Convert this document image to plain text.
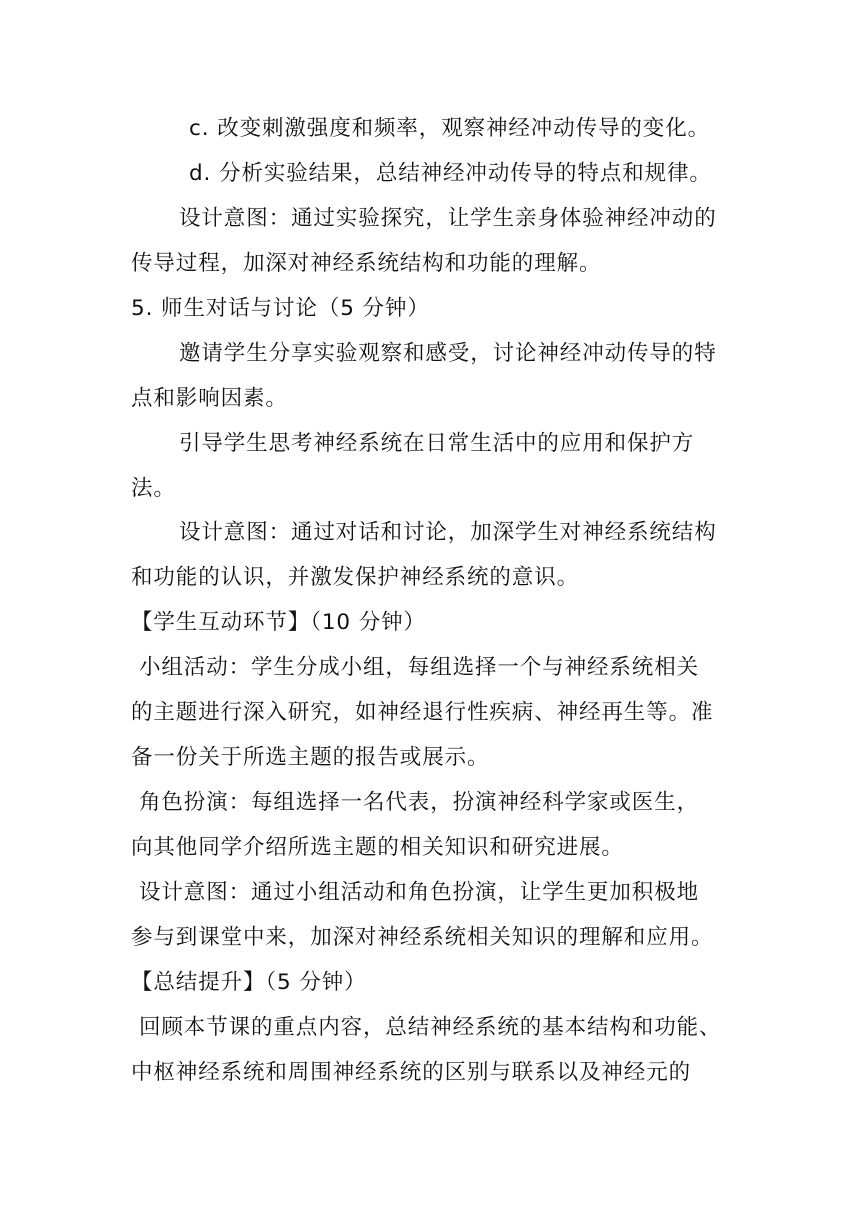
c. 改变刺激强度和频率，观察神经冲动传导的变化。
d. 分析实验结果，总结神经冲动传导的特点和规律。
设计意图：通过实验探究，让学生亲身体验神经冲动的
传导过程，加深对神经系统结构和功能的理解。
5. 师生对话与讨论（5 分钟）
邀请学生分享实验观察和感受，讨论神经冲动传导的特
点和影响因素。
引导学生思考神经系统在日常生活中的应用和保护方
法。
设计意图：通过对话和讨论，加深学生对神经系统结构
和功能的认识，并激发保护神经系统的意识。
【学生互动环节】（10 分钟）
小组活动：学生分成小组，每组选择一个与神经系统相关
的主题进行深入研究，如神经退行性疾病、神经再生等。准
备一份关于所选主题的报告或展示。
角色扮演：每组选择一名代表，扮演神经科学家或医生，
向其他同学介绍所选主题的相关知识和研究进展。
设计意图：通过小组活动和角色扮演，让学生更加积极地
参与到课堂中来，加深对神经系统相关知识的理解和应用。
【总结提升】（5 分钟）
回顾本节课的重点内容，总结神经系统的基本结构和功能、
中枢神经系统和周围神经系统的区别与联系以及神经元的
